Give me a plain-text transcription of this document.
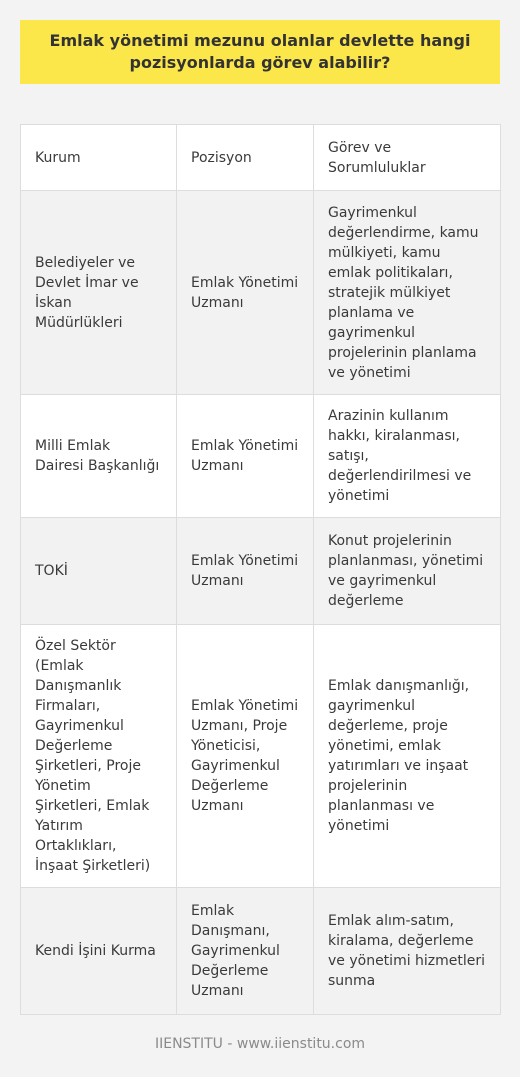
Emlak yönetimi mezunu olanlar devlette hangi pozisyonlarda görev alabilir?
Kurum	Pozisyon	Görev ve Sorumluluklar
Belediyeler ve Devlet İmar ve İskan Müdürlükleri	Emlak Yönetimi Uzmanı	Gayrimenkul değerlendirme, kamu mülkiyeti, kamu emlak politikaları, stratejik mülkiyet planlama ve gayrimenkul projelerinin planlama ve yönetimi
Milli Emlak Dairesi Başkanlığı	Emlak Yönetimi Uzmanı	Arazinin kullanım hakkı, kiralanması, satışı, değerlendirilmesi ve yönetimi
TOKİ	Emlak Yönetimi Uzmanı	Konut projelerinin planlanması, yönetimi ve gayrimenkul değerleme
Özel Sektör (Emlak Danışmanlık Firmaları, Gayrimenkul Değerleme Şirketleri, Proje Yönetim Şirketleri, Emlak Yatırım Ortaklıkları, İnşaat Şirketleri)	Emlak Yönetimi Uzmanı, Proje Yöneticisi, Gayrimenkul Değerleme Uzmanı	Emlak danışmanlığı, gayrimenkul değerleme, proje yönetimi, emlak yatırımları ve inşaat projelerinin planlanması ve yönetimi
Kendi İşini Kurma	Emlak Danışmanı, Gayrimenkul Değerleme Uzmanı	Emlak alım-satım, kiralama, değerleme ve yönetimi hizmetleri sunma
IIENSTITU - www.iienstitu.com
